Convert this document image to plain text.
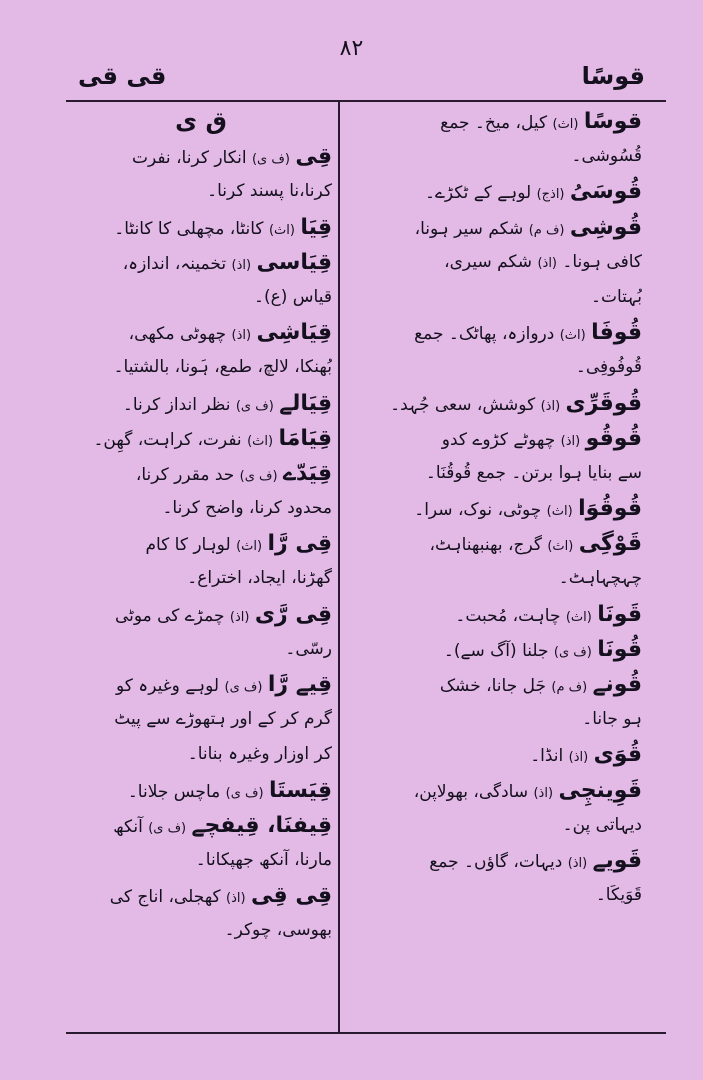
۸۲
قوسًا
قی قی
قوسًا (اث) کیل، میخ۔ جمع
قُسُوشی۔
قُوسَیُ (اذج) لوہے کے ٹکڑے۔
قُوشِی (ف م) شکم سیر ہونا،
کافی ہونا۔ (اذ) شکم سیری،
بُہتات۔
قُوفَا (اث) دروازہ، پھاٹک۔ جمع
قُوفُوفِی۔
قُوقَرِّی (اذ) کوشش، سعی جُہد۔
قُوقُو (اذ) چھوٹے کڑوے کدو
سے بنایا ہوا برتن۔ جمع قُوقُنَا۔
قُوقُوَا (اث) چوٹی، نوک، سرا۔
قَوْگِی (اث) گرج، بھنبھناہٹ،
چہچہاہٹ۔
قَونَا (اث) چاہت، مُحبت۔
قُونَا (ف ی) جلنا (آگ سے)۔
قُونے (ف م) جَل جانا، خشک
ہو جانا۔
قُوَی (اذ) انڈا۔
قَوِینچِی (اذ) سادگی، بھولاپن،
دیہاتی پن۔
قَویے (اذ) دیہات، گاؤں۔ جمع
قَوَیکَا۔
ق ی
قِی (ف ی) انکار کرنا، نفرت
کرنا،نا پسند کرنا۔
قِیَا (اث) کانٹا، مچھلی کا کانٹا۔
قِیَاسی (اذ) تخمینہ، اندازہ،
قیاس (ع)۔
قِیَاشِی (اذ) چھوٹی مکھی،
بُھنکا، لالچ، طمع، ہَونا، بالشتیا۔
قِیَالے (ف ی) نظر انداز کرنا۔
قِیَامَا (اث) نفرت، کراہت، گھِن۔
قِیَدّے (ف ی) حد مقرر کرنا،
محدود کرنا، واضح کرنا۔
قِی رَّا (اث) لوہار کا کام
گھڑنا، ایجاد، اختراع۔
قِی رَّی (اذ) چمڑے کی موٹی
رسّی۔
قِیے رَّا (ف ی) لوہے وغیرہ کو
گرم کر کے اور ہتھوڑے سے پیٹ
کر اوزار وغیرہ بنانا۔
قِیَستَا (ف ی) ماچس جلانا۔
قِیفنَا، قِیفچے (ف ی) آنکھ
مارنا، آنکھ جھپکانا۔
قِی قِی (اذ) کھجلی، اناج کی
بھوسی، چوکر۔
